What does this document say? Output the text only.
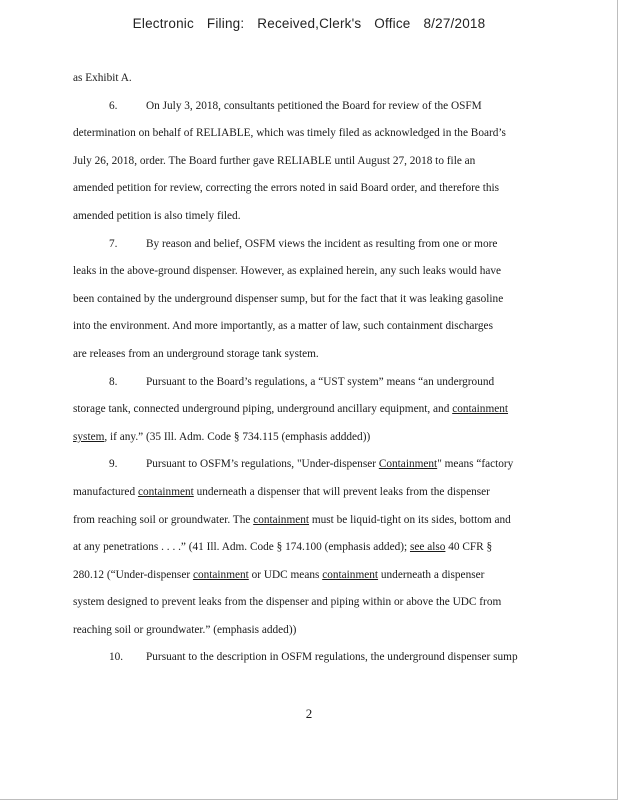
Electronic Filing: Received,Clerk's Office 8/27/2018
as Exhibit A.
6.	On July 3, 2018, consultants petitioned the Board for review of the OSFM
determination on behalf of RELIABLE, which was timely filed as acknowledged in the Board’s
July 26, 2018, order. The Board further gave RELIABLE until August 27, 2018 to file an
amended petition for review, correcting the errors noted in said Board order, and therefore this
amended petition is also timely filed.
7.	By reason and belief, OSFM views the incident as resulting from one or more
leaks in the above-ground dispenser. However, as explained herein, any such leaks would have
been contained by the underground dispenser sump, but for the fact that it was leaking gasoline
into the environment. And more importantly, as a matter of law, such containment discharges
are releases from an underground storage tank system.
8.	Pursuant to the Board’s regulations, a “UST system” means “an underground
storage tank, connected underground piping, underground ancillary equipment, and containment
system, if any.” (35 Ill. Adm. Code § 734.115 (emphasis addded))
9.	Pursuant to OSFM’s regulations, "Under-dispenser Containment" means “factory
manufactured containment underneath a dispenser that will prevent leaks from the dispenser
from reaching soil or groundwater. The containment must be liquid-tight on its sides, bottom and
at any penetrations . . . .” (41 Ill. Adm. Code § 174.100 (emphasis added); see also 40 CFR §
280.12 (“Under-dispenser containment or UDC means containment underneath a dispenser
system designed to prevent leaks from the dispenser and piping within or above the UDC from
reaching soil or groundwater.” (emphasis added))
10. Pursuant to the description in OSFM regulations, the underground dispenser sump
2
